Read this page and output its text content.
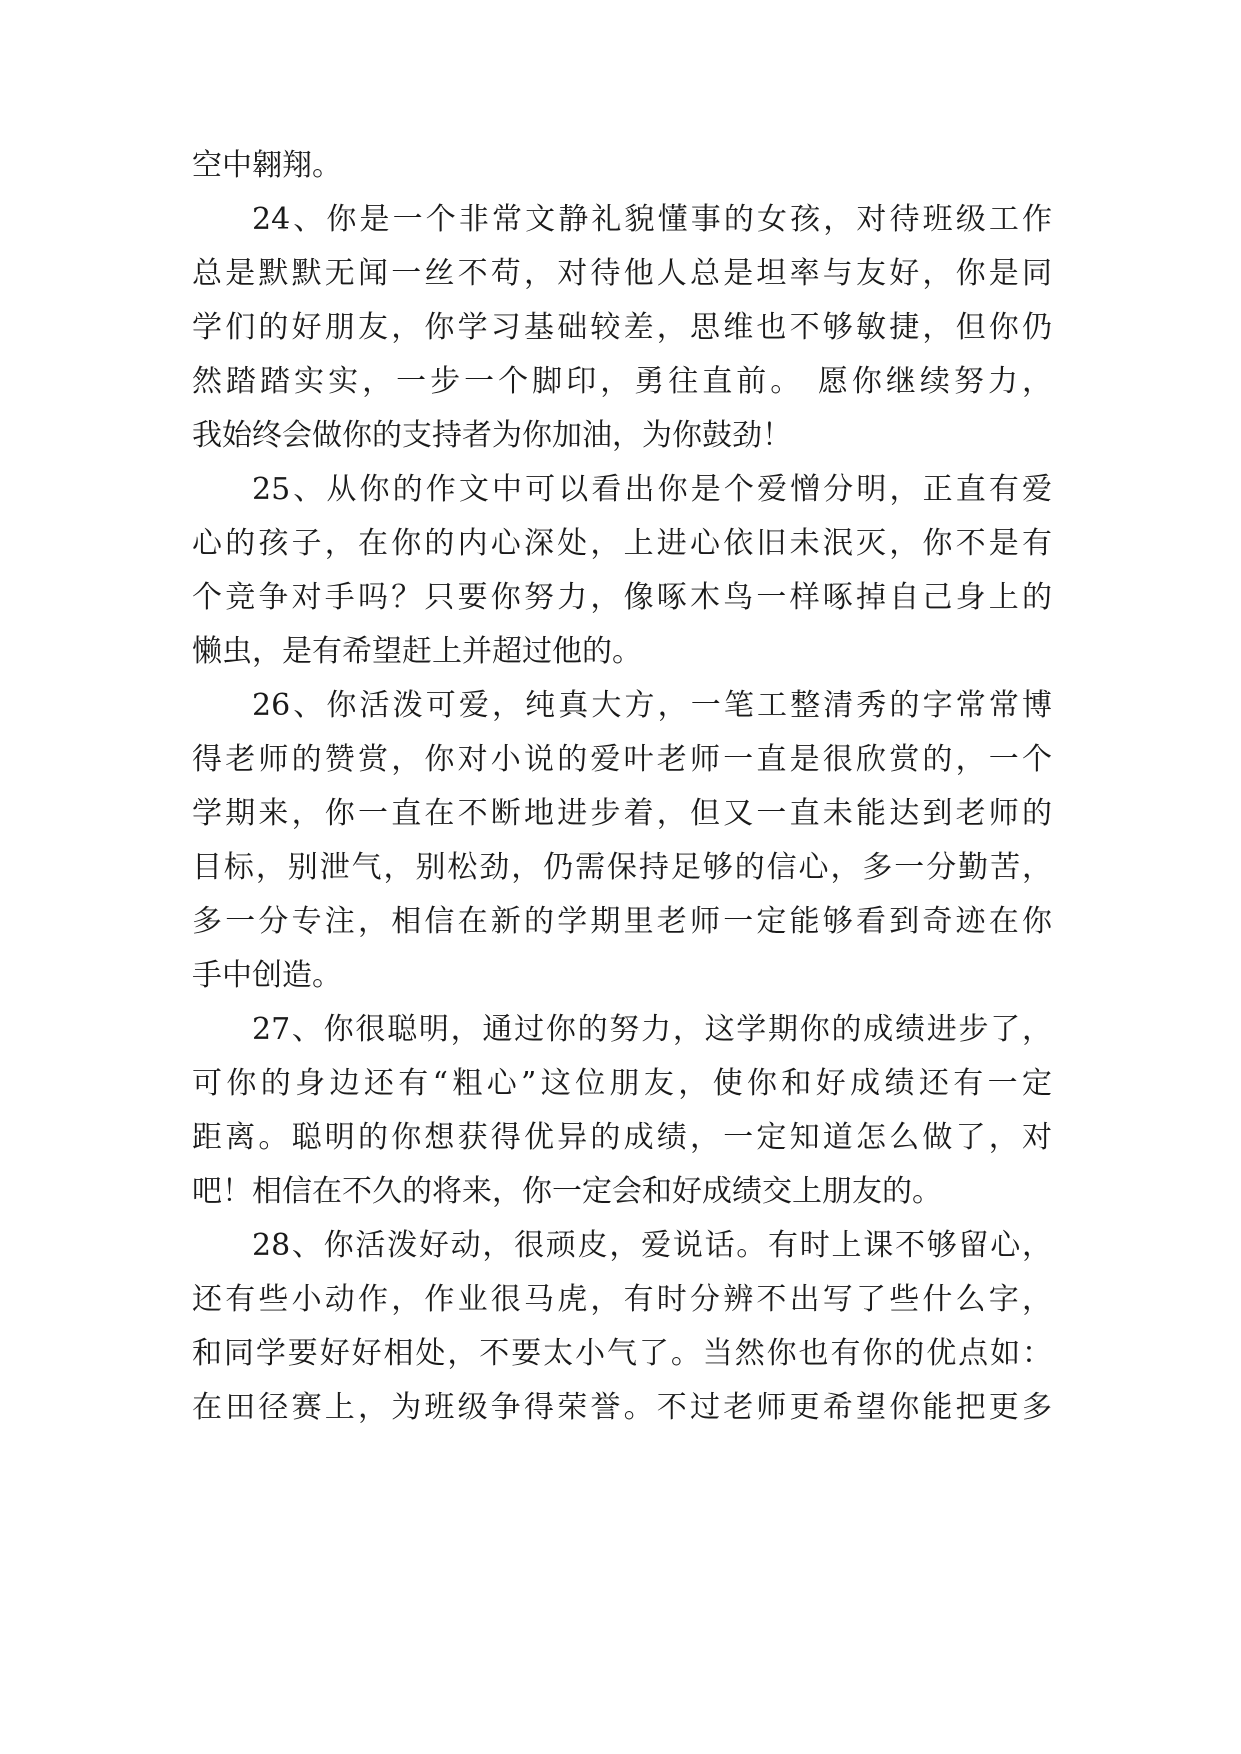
空中翱翔。
24、你是一个非常文静礼貌懂事的女孩，对待班级工作
总是默默无闻一丝不苟，对待他人总是坦率与友好，你是同
学们的好朋友，你学习基础较差，思维也不够敏捷，但你仍
然踏踏实实，一步一个脚印，勇往直前。 愿你继续努力，
我始终会做你的支持者为你加油，为你鼓劲！
25、从你的作文中可以看出你是个爱憎分明，正直有爱
心的孩子，在你的内心深处，上进心依旧未泯灭，你不是有
个竞争对手吗？只要你努力，像啄木鸟一样啄掉自己身上的
懒虫，是有希望赶上并超过他的。
26、你活泼可爱，纯真大方，一笔工整清秀的字常常博
得老师的赞赏，你对小说的爱叶老师一直是很欣赏的，一个
学期来，你一直在不断地进步着，但又一直未能达到老师的
目标，别泄气，别松劲，仍需保持足够的信心，多一分勤苦，
多一分专注，相信在新的学期里老师一定能够看到奇迹在你
手中创造。
27、你很聪明，通过你的努力，这学期你的成绩进步了，
可你的身边还有“粗心”这位朋友，使你和好成绩还有一定
距离。聪明的你想获得优异的成绩，一定知道怎么做了，对
吧！相信在不久的将来，你一定会和好成绩交上朋友的。
28、你活泼好动，很顽皮，爱说话。有时上课不够留心，
还有些小动作，作业很马虎，有时分辨不出写了些什么字，
和同学要好好相处，不要太小气了。当然你也有你的优点如：
在田径赛上，为班级争得荣誉。不过老师更希望你能把更多
